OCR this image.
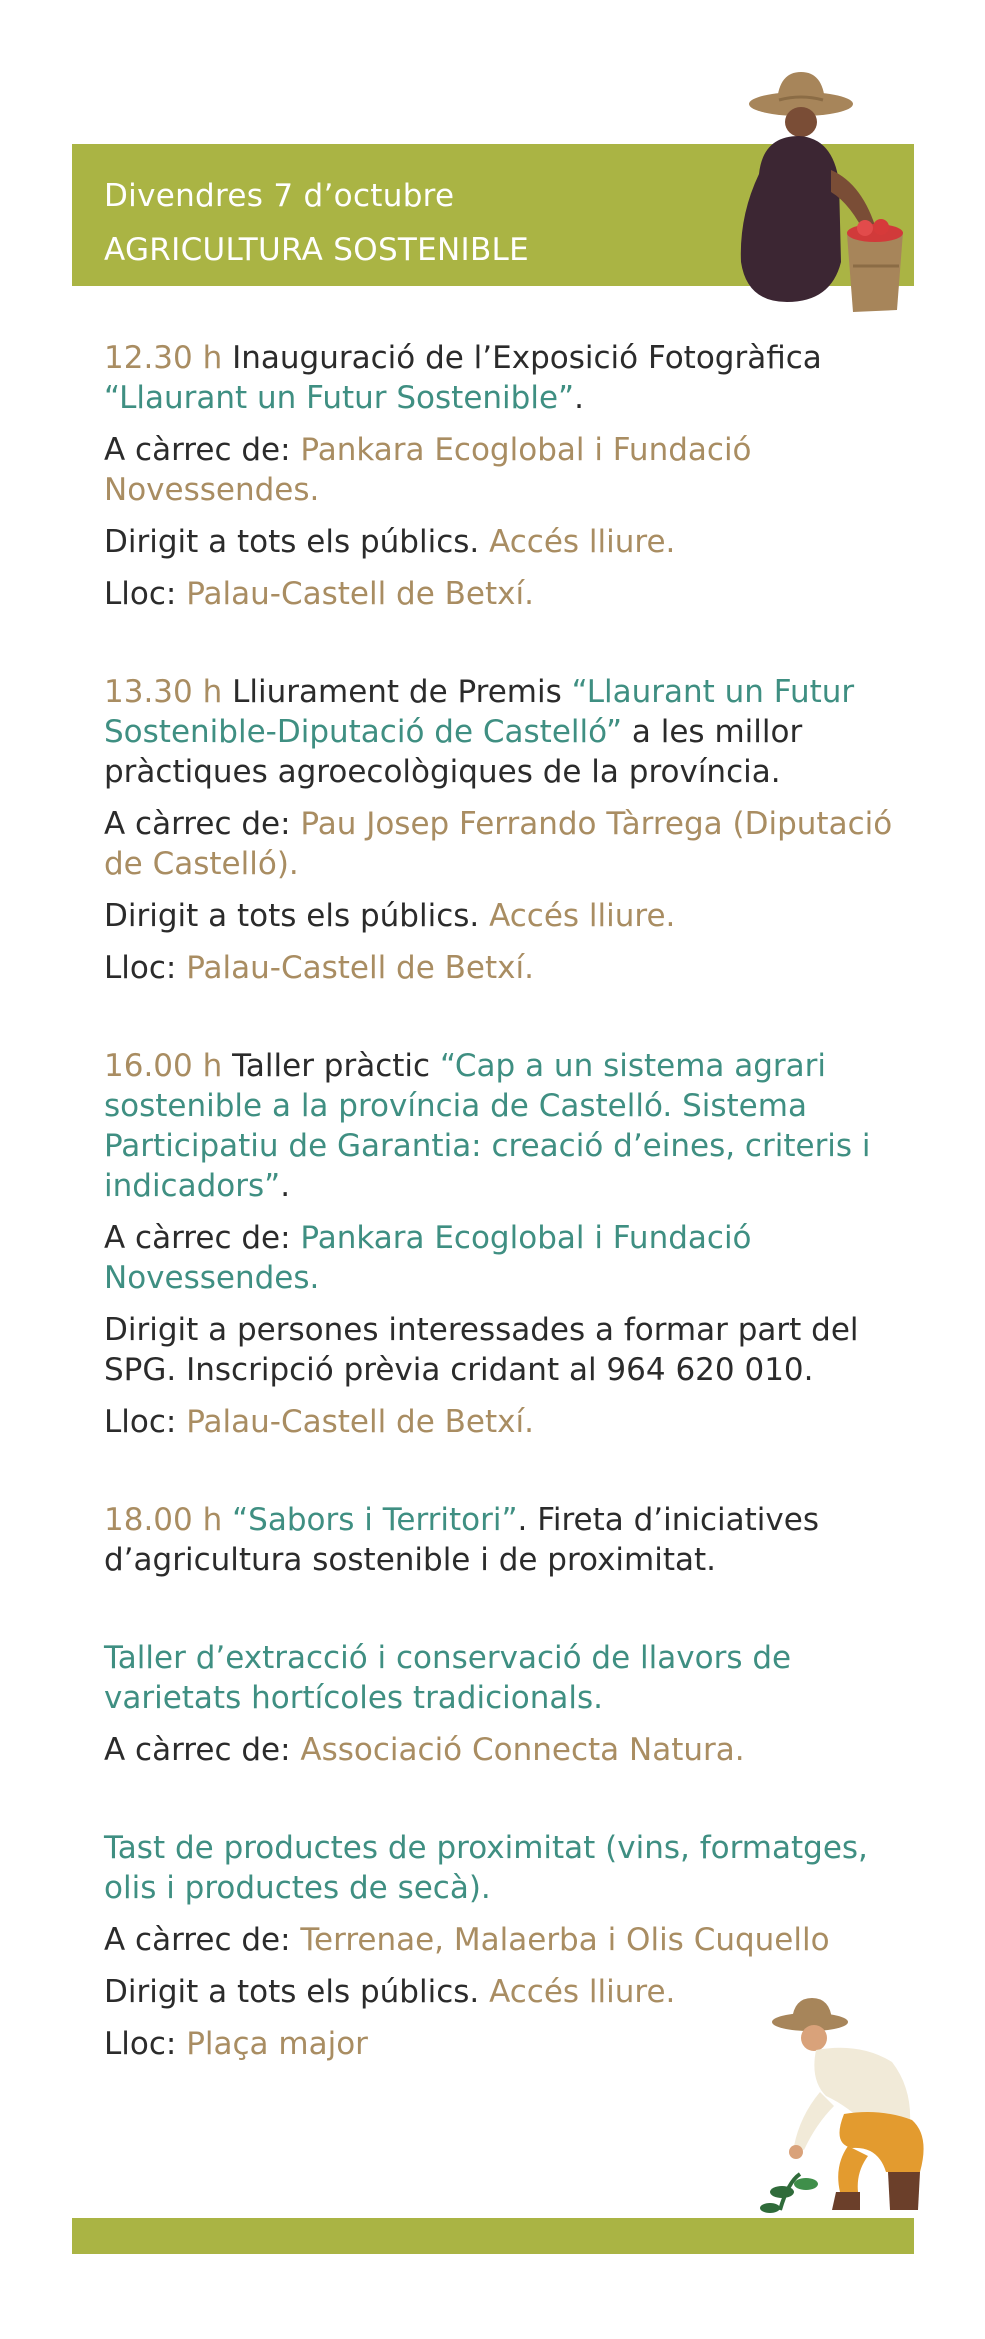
Divendres 7 d’octubre
AGRICULTURA SOSTENIBLE

12.30 h Inauguració de l’Exposició Fotogràfica “Llaurant un Futur Sostenible”.

A càrrec de: Pankara Ecoglobal i Fundació Novessendes.

Dirigit a tots els públics. Accés lliure.

Lloc: Palau-Castell de Betxí.

13.30 h Lliurament de Premis “Llaurant un Futur Sostenible-Diputació de Castelló” a les millor pràctiques agroecològiques de la província.

A càrrec de: Pau Josep Ferrando Tàrrega (Diputació de Castelló).

Dirigit a tots els públics. Accés lliure.

Lloc: Palau-Castell de Betxí.

16.00 h Taller pràctic “Cap a un sistema agrari sostenible a la província de Castelló. Sistema Participatiu de Garantia: creació d’eines, criteris i indicadors”.

A càrrec de: Pankara Ecoglobal i Fundació Novessendes.

Dirigit a persones interessades a formar part del SPG. Inscripció prèvia cridant al 964 620 010.

Lloc: Palau-Castell de Betxí.

18.00 h “Sabors i Territori”. Fireta d’iniciatives d’agricultura sostenible i de proximitat.

Taller d’extracció i conservació de llavors de varietats hortícoles tradicionals.

A càrrec de: Associació Connecta Natura.

Tast de productes de proximitat (vins, formatges, olis i productes de secà).

A càrrec de: Terrenae, Malaerba i Olis Cuquello

Dirigit a tots els públics. Accés lliure.

Lloc: Plaça major
